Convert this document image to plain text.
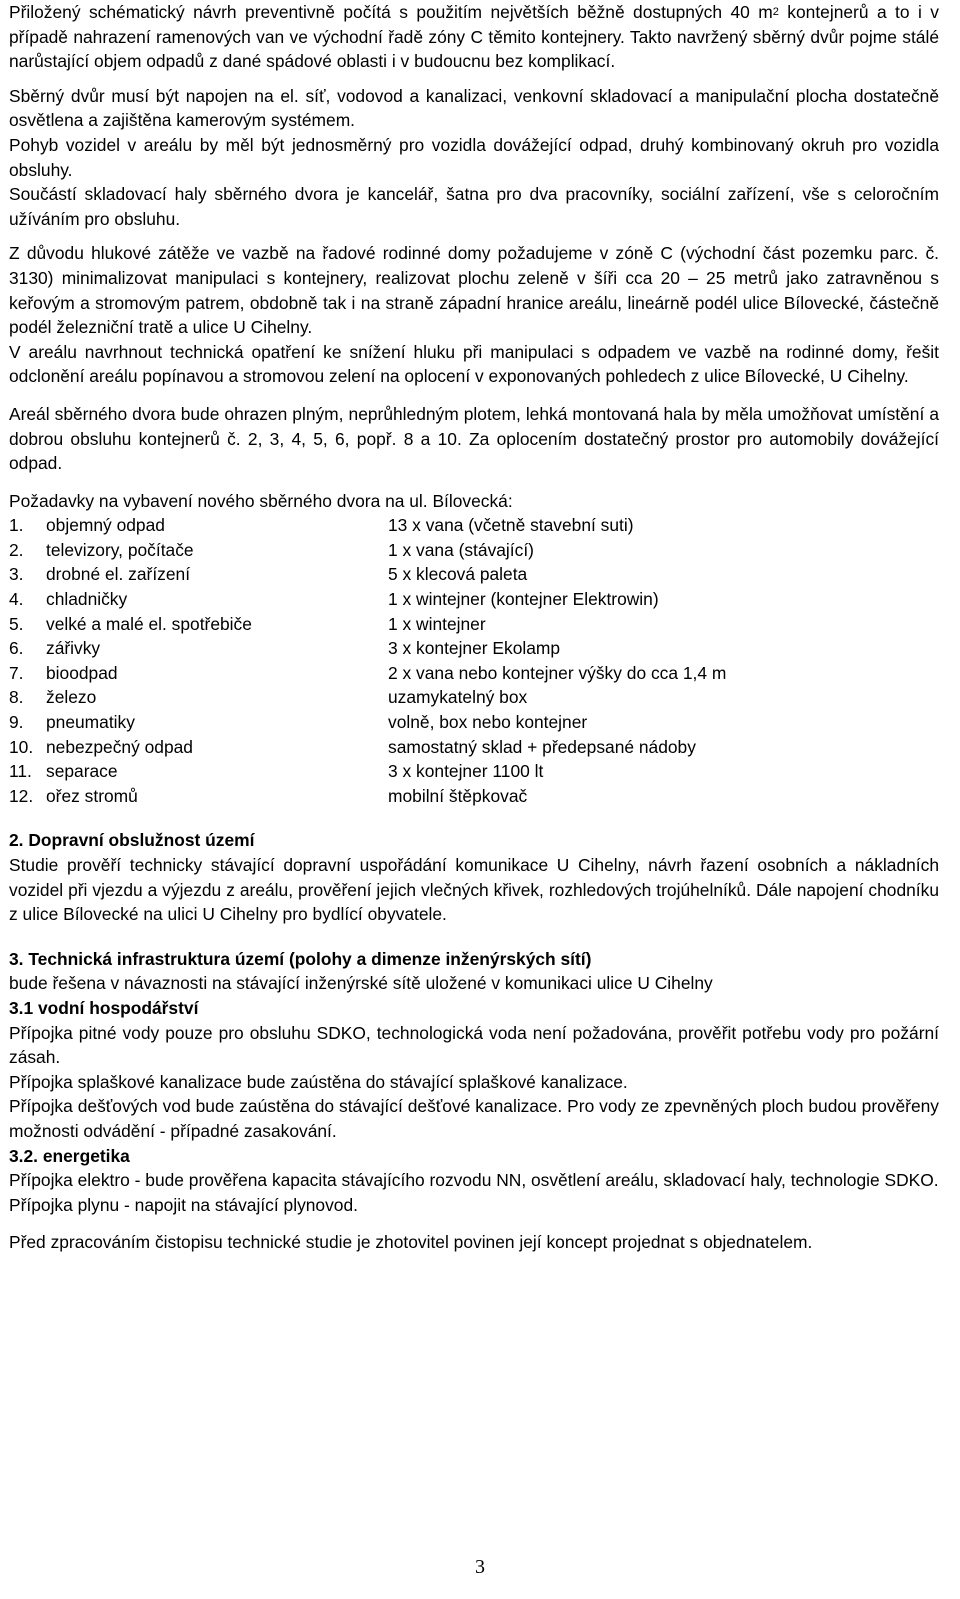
Přiložený schématický návrh preventivně počítá s použitím největších běžně dostupných 40 $m^2$ kontejnerů a to i v případě nahrazení ramenových van ve východní řadě zóny C těmito kontejnery. Takto navržený sběrný dvůr pojme stálé narůstající objem odpadů z dané spádové oblasti i v budoucnu bez komplikací.

Sběrný dvůr musí být napojen na el. síť, vodovod a kanalizaci, venkovní skladovací a manipulační plocha dostatečně osvětlena a zajištěna kamerovým systémem.

Pohyb vozidel v areálu by měl být jednosměrný pro vozidla dovážející odpad, druhý kombinovaný okruh pro vozidla obsluhy.

Součástí skladovací haly sběrného dvora je kancelář, šatna pro dva pracovníky, sociální zařízení, vše s celoročním užíváním pro obsluhu.

Z důvodu hlukové zátěže ve vazbě na řadové rodinné domy požadujeme v zóně C (východní část pozemku parc. č. 3130) minimalizovat manipulaci s kontejnery, realizovat plochu zeleně v šíři cca 20 – 25 metrů jako zatravněnou s keřovým a stromovým patrem, obdobně tak i na straně západní hranice areálu, lineárně podél ulice Bílovecké, částečně podél železniční tratě a ulice U Cihelny.

V areálu navrhnout technická opatření ke snížení hluku při manipulaci s odpadem ve vazbě na rodinné domy, řešit odclonění areálu popínavou a stromovou zelení na oplocení v exponovaných pohledech z ulice Bílovecké, U Cihelny.

Areál sběrného dvora bude ohrazen plným, neprůhledným plotem, lehká montovaná hala by měla umožňovat umístění a dobrou obsluhu kontejnerů č. 2, 3, 4, 5, 6, popř. 8 a 10. Za oplocením dostatečný prostor pro automobily dovážející odpad.

Požadavky na vybavení nového sběrného dvora na ul. Bílovecká:

1.	objemný odpad	13 x vana (včetně stavební suti)
2.	televizory, počítače	1 x vana (stávající)
3.	drobné el. zařízení	5 x klecová paleta
4.	chladničky	1 x wintejner (kontejner Elektrowin)
5.	velké a malé el. spotřebiče	1 x wintejner
6.	zářivky	3 x kontejner Ekolamp
7.	bioodpad	2 x vana nebo kontejner výšky do cca 1,4 m
8.	železo	uzamykatelný box
9.	pneumatiky	volně, box nebo kontejner
10. nebezpečný odpad	samostatný sklad + předepsané nádoby
11. separace	3 x kontejner 1100 lt
12. ořez stromů	mobilní štěpkovač

2. Dopravní obslužnost území

Studie prověří technicky stávající dopravní uspořádání komunikace U Cihelny, návrh řazení osobních a nákladních vozidel při vjezdu a výjezdu z areálu, prověření jejich vlečných křivek, rozhledových trojúhelníků. Dále napojení chodníku z ulice Bílovecké na ulici U Cihelny pro bydlící obyvatele.

3. Technická infrastruktura území (polohy a dimenze inženýrských sítí)

bude řešena v návaznosti na stávající inženýrské sítě uložené v komunikaci ulice U Cihelny

3.1 vodní hospodářství

Přípojka pitné vody pouze pro obsluhu SDKO, technologická voda není požadována, prověřit potřebu vody pro požární zásah.

Přípojka splaškové kanalizace bude zaústěna do stávající splaškové kanalizace.

Přípojka dešťových vod bude zaústěna do stávající dešťové kanalizace. Pro vody ze zpevněných ploch budou prověřeny možnosti odvádění - případné zasakování.

3.2. energetika

Přípojka elektro - bude prověřena kapacita stávajícího rozvodu NN, osvětlení areálu, skladovací haly, technologie SDKO.

Přípojka plynu - napojit na stávající plynovod.

Před zpracováním čistopisu technické studie je zhotovitel povinen její koncept projednat s objednatelem.

3
